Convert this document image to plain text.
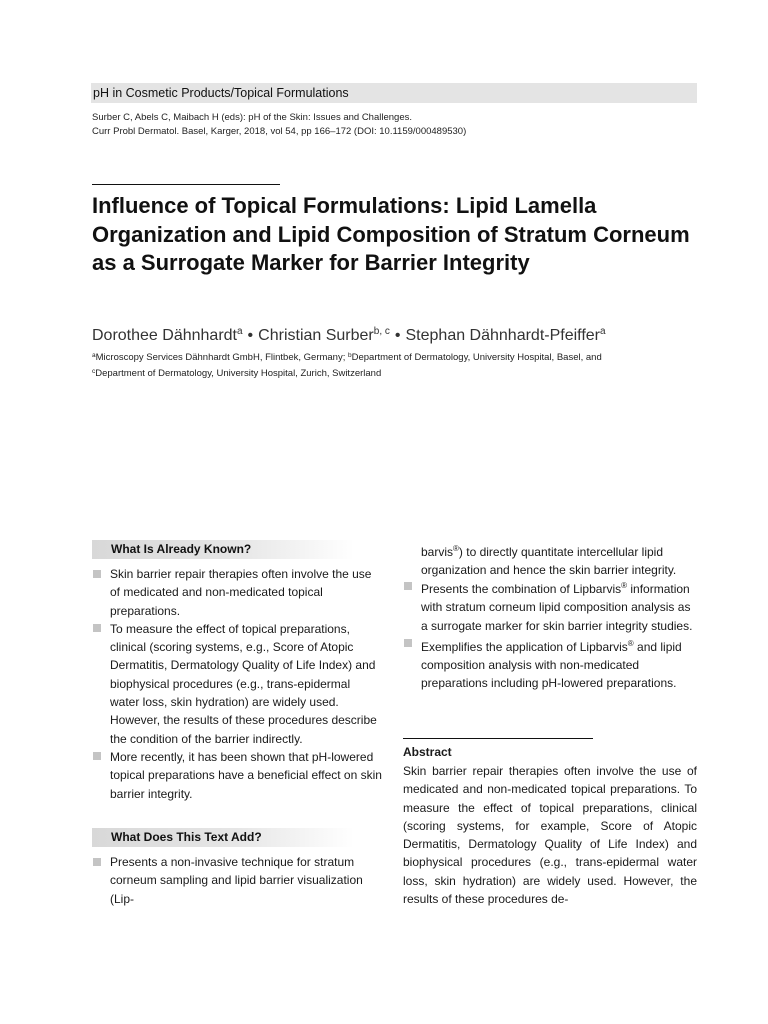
pH in Cosmetic Products/Topical Formulations
Surber C, Abels C, Maibach H (eds): pH of the Skin: Issues and Challenges.
Curr Probl Dermatol. Basel, Karger, 2018, vol 54, pp 166–172 (DOI: 10.1159/000489530)
Influence of Topical Formulations: Lipid Lamella Organization and Lipid Composition of Stratum Corneum as a Surrogate Marker for Barrier Integrity
Dorothee Dähnhardt$^a$ • Christian Surber$^{b, c}$ • Stephan Dähnhardt-Pfeiffer$^a$
$^a$Microscopy Services Dähnhardt GmbH, Flintbek, Germany; $^b$Department of Dermatology, University Hospital, Basel, and
$^c$Department of Dermatology, University Hospital, Zurich, Switzerland
What Is Already Known?
Skin barrier repair therapies often involve the use of medicated and non-medicated topical preparations.
To measure the effect of topical preparations, clinical (scoring systems, e.g., Score of Atopic Dermatitis, Dermatology Quality of Life Index) and biophysical procedures (e.g., trans-epidermal water loss, skin hydration) are widely used. However, the results of these procedures describe the condition of the barrier indirectly.
More recently, it has been shown that pH-lowered topical preparations have a beneficial effect on skin barrier integrity.
What Does This Text Add?
Presents a non-invasive technique for stratum corneum sampling and lipid barrier visualization (Lip-
barvis®) to directly quantitate intercellular lipid organization and hence the skin barrier integrity.
Presents the combination of Lipbarvis® information with stratum corneum lipid composition analysis as a surrogate marker for skin barrier integrity studies.
Exemplifies the application of Lipbarvis® and lipid composition analysis with non-medicated preparations including pH-lowered preparations.
Abstract

Skin barrier repair therapies often involve the use of medicated and non-medicated topical preparations. To measure the effect of topical preparations, clinical (scoring systems, for example, Score of Atopic Dermatitis, Dermatology Quality of Life Index) and biophysical procedures (e.g., trans-epidermal water loss, skin hydration) are widely used. However, the results of these procedures de-
